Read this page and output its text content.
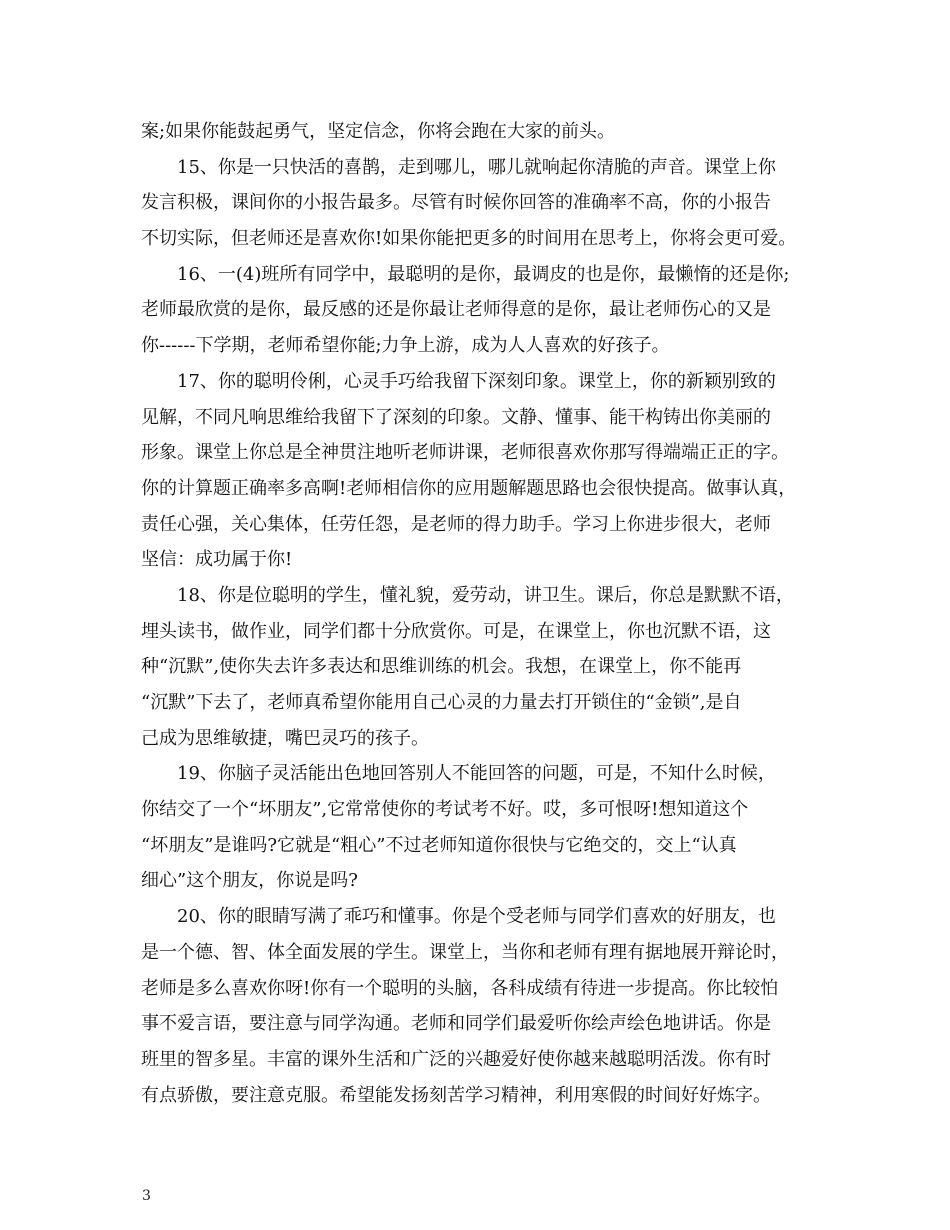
案;如果你能鼓起勇气，坚定信念，你将会跑在大家的前头。
15、你是一只快活的喜鹊，走到哪儿，哪儿就响起你清脆的声音。课堂上你
发言积极，课间你的小报告最多。尽管有时候你回答的准确率不高，你的小报告
不切实际，但老师还是喜欢你!如果你能把更多的时间用在思考上，你将会更可爱。
16、一(4)班所有同学中，最聪明的是你，最调皮的也是你，最懒惰的还是你;
老师最欣赏的是你，最反感的还是你最让老师得意的是你，最让老师伤心的又是
你------下学期，老师希望你能;力争上游，成为人人喜欢的好孩子。
17、你的聪明伶俐，心灵手巧给我留下深刻印象。课堂上，你的新颖别致的
见解，不同凡响思维给我留下了深刻的印象。文静、懂事、能干构铸出你美丽的
形象。课堂上你总是全神贯注地听老师讲课，老师很喜欢你那写得端端正正的字。
你的计算题正确率多高啊!老师相信你的应用题解题思路也会很快提高。做事认真，
责任心强，关心集体，任劳任怨，是老师的得力助手。学习上你进步很大，老师
坚信：成功属于你!
18、你是位聪明的学生，懂礼貌，爱劳动，讲卫生。课后，你总是默默不语，
埋头读书，做作业，同学们都十分欣赏你。可是，在课堂上，你也沉默不语，这
种“沉默”,使你失去许多表达和思维训练的机会。我想，在课堂上，你不能再
“沉默”下去了，老师真希望你能用自己心灵的力量去打开锁住的“金锁”,是自
己成为思维敏捷，嘴巴灵巧的孩子。
19、你脑子灵活能出色地回答别人不能回答的问题，可是，不知什么时候，
你结交了一个“坏朋友”,它常常使你的考试考不好。哎，多可恨呀!想知道这个
“坏朋友”是谁吗?它就是“粗心”不过老师知道你很快与它绝交的，交上“认真
细心”这个朋友，你说是吗?
20、你的眼睛写满了乖巧和懂事。你是个受老师与同学们喜欢的好朋友，也
是一个德、智、体全面发展的学生。课堂上，当你和老师有理有据地展开辩论时，
老师是多么喜欢你呀!你有一个聪明的头脑，各科成绩有待进一步提高。你比较怕
事不爱言语，要注意与同学沟通。老师和同学们最爱听你绘声绘色地讲话。你是
班里的智多星。丰富的课外生活和广泛的兴趣爱好使你越来越聪明活泼。你有时
有点骄傲，要注意克服。希望能发扬刻苦学习精神，利用寒假的时间好好炼字。
3
